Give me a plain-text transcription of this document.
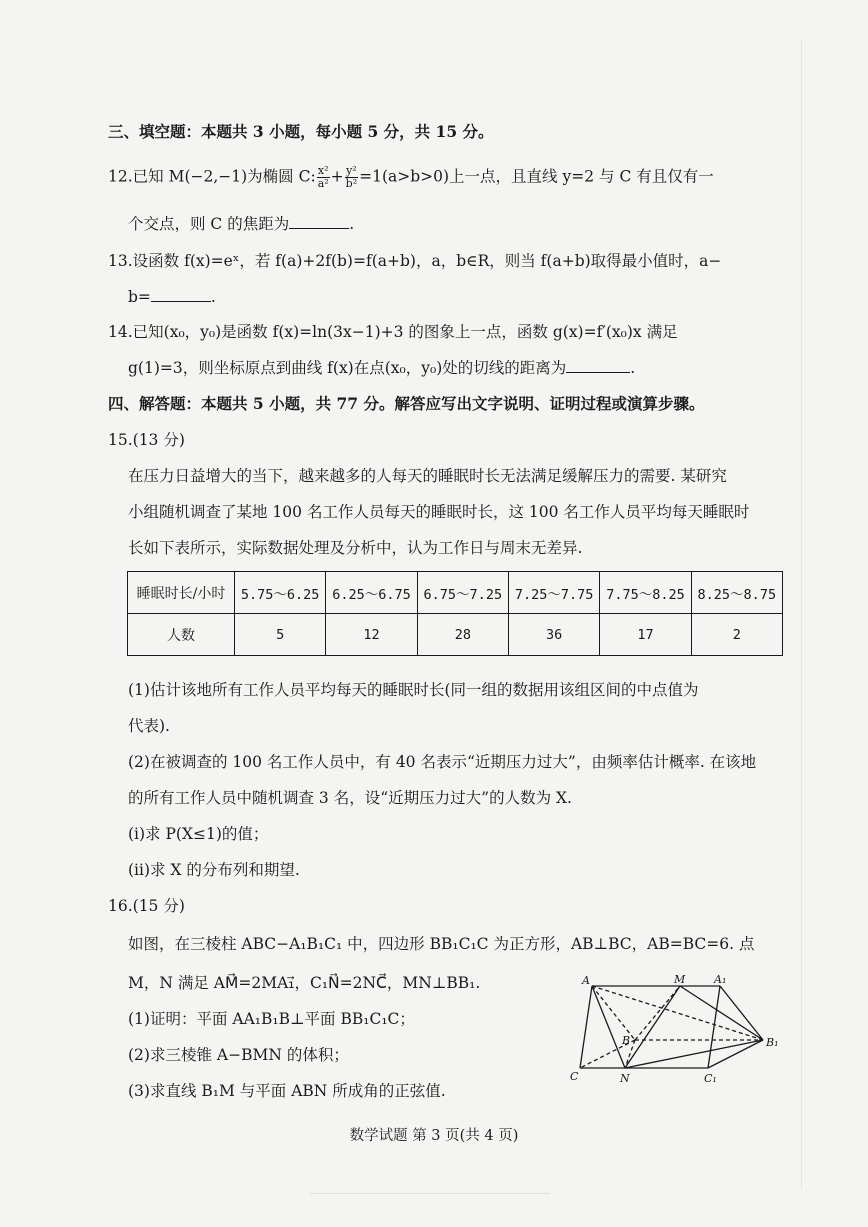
三、填空题：本题共 3 小题，每小题 5 分，共 15 分。
12.已知 M(−2,−1)为椭圆 C: $\frac{\text{x²}}{\text{a²}} + \frac{\text{y²}}{\text{b²}} =1(a>b>0)$上一点，且直线 y=2 与 C 有且仅有一
个交点，则 C 的焦距为	.
13.设函数 f(x)=eˣ，若 f(a)+2f(b)=f(a+b)，a，b∈R，则当 f(a+b)取得最小值时，a−
b=	.
14.已知(x₀，y₀)是函数 f(x)=ln(3x−1)+3 的图象上一点，函数 g(x)=f′(x₀)x 满足
g(1)=3，则坐标原点到曲线 f(x)在点(x₀，y₀)处的切线的距离为	.
四、解答题：本题共 5 小题，共 77 分。解答应写出文字说明、证明过程或演算步骤。
15.(13 分)
在压力日益增大的当下，越来越多的人每天的睡眠时长无法满足缓解压力的需要. 某研究
小组随机调查了某地 100 名工作人员每天的睡眠时长，这 100 名工作人员平均每天睡眠时
长如下表所示，实际数据处理及分析中，认为工作日与周末无差异.
睡眠时长/小时	5.75～6.25	6.25～6.75	6.75～7.25	7.25～7.75	7.75～8.25	8.25～8.75
人数	5	12	28	36	17	2
(1)估计该地所有工作人员平均每天的睡眠时长(同一组的数据用该组区间的中点值为
代表).
(2)在被调查的 100 名工作人员中，有 40 名表示“近期压力过大”，由频率估计概率. 在该地
的所有工作人员中随机调查 3 名，设“近期压力过大”的人数为 X.
(ⅰ)求 P(X≤1)的值；
(ⅱ)求 X 的分布列和期望.
16.(15 分)
如图，在三棱柱 ABC−A₁B₁C₁ 中，四边形 BB₁C₁C 为正方形，AB⊥BC，AB=BC=6. 点
M，N 满足 AM⃗=2MA₁⃗，C₁N⃗=2NC⃗，MN⊥BB₁.
(1)证明：平面 AA₁B₁B⊥平面 BB₁C₁C；
(2)求三棱锥 A−BMN 的体积；
(3)求直线 B₁M 与平面 ABN 所成角的正弦值.
A	M	A₁
B	B₁
C	N	C₁
数学试题 第 3 页(共 4 页)
